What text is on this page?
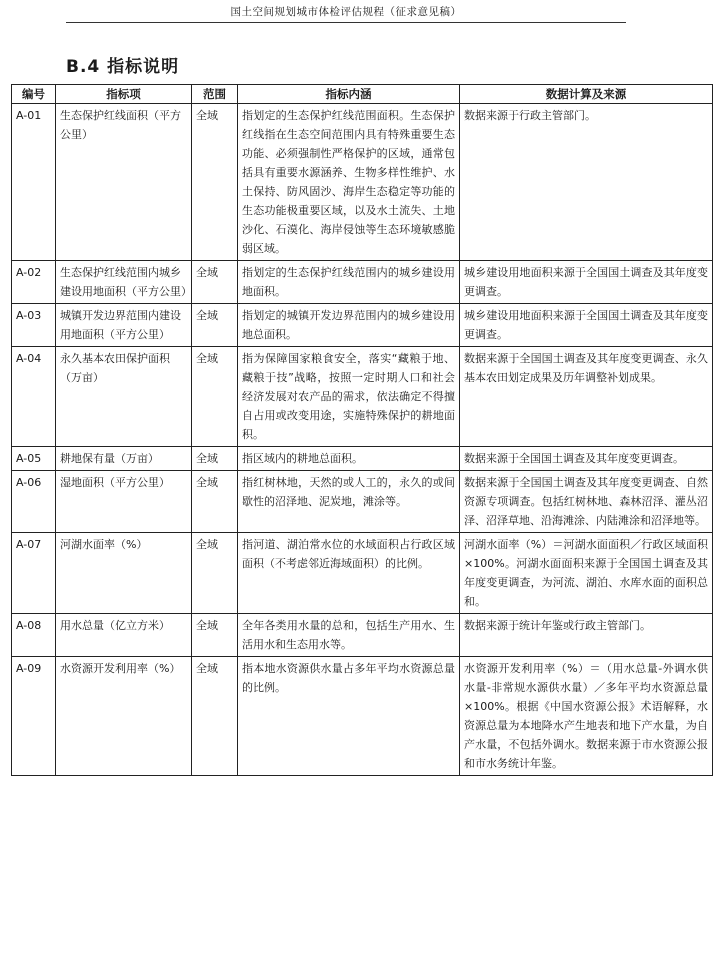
国土空间规划城市体检评估规程（征求意见稿）
B.4 指标说明
编号	指标项	范围	指标内涵	数据计算及来源
A-01	生态保护红线面积（平方公里）	全域	指划定的生态保护红线范围面积。生态保护红线指在生态空间范围内具有特殊重要生态功能、必须强制性严格保护的区域，通常包括具有重要水源涵养、生物多样性维护、水土保持、防风固沙、海岸生态稳定等功能的生态功能极重要区域，以及水土流失、土地沙化、石漠化、海岸侵蚀等生态环境敏感脆弱区域。	数据来源于行政主管部门。
A-02	生态保护红线范围内城乡建设用地面积（平方公里）	全域	指划定的生态保护红线范围内的城乡建设用地面积。	城乡建设用地面积来源于全国国土调查及其年度变更调查。
A-03	城镇开发边界范围内建设用地面积（平方公里）	全域	指划定的城镇开发边界范围内的城乡建设用地总面积。	城乡建设用地面积来源于全国国土调查及其年度变更调查。
A-04	永久基本农田保护面积（万亩）	全域	指为保障国家粮食安全，落实“藏粮于地、藏粮于技”战略，按照一定时期人口和社会经济发展对农产品的需求，依法确定不得擅自占用或改变用途，实施特殊保护的耕地面积。	数据来源于全国国土调查及其年度变更调查、永久基本农田划定成果及历年调整补划成果。
A-05	耕地保有量（万亩）	全域	指区域内的耕地总面积。	数据来源于全国国土调查及其年度变更调查。
A-06	湿地面积（平方公里）	全域	指红树林地，天然的或人工的，永久的或间歇性的沼泽地、泥炭地，滩涂等。	数据来源于全国国土调查及其年度变更调查、自然资源专项调查。包括红树林地、森林沼泽、灌丛沼泽、沼泽草地、沿海滩涂、内陆滩涂和沼泽地等。
A-07	河湖水面率（%）	全域	指河道、湖泊常水位的水域面积占行政区域面积（不考虑邻近海域面积）的比例。	河湖水面率（%）＝河湖水面面积／行政区域面积×100%。河湖水面面积来源于全国国土调查及其年度变更调查，为河流、湖泊、水库水面的面积总和。
A-08	用水总量（亿立方米）	全域	全年各类用水量的总和，包括生产用水、生活用水和生态用水等。	数据来源于统计年鉴或行政主管部门。
A-09	水资源开发利用率（%）	全域	指本地水资源供水量占多年平均水资源总量的比例。	水资源开发利用率（%）＝（用水总量-外调水供水量-非常规水源供水量）／多年平均水资源总量×100%。根据《中国水资源公报》术语解释，水资源总量为本地降水产生地表和地下产水量，为自产水量，不包括外调水。数据来源于市水资源公报和市水务统计年鉴。
